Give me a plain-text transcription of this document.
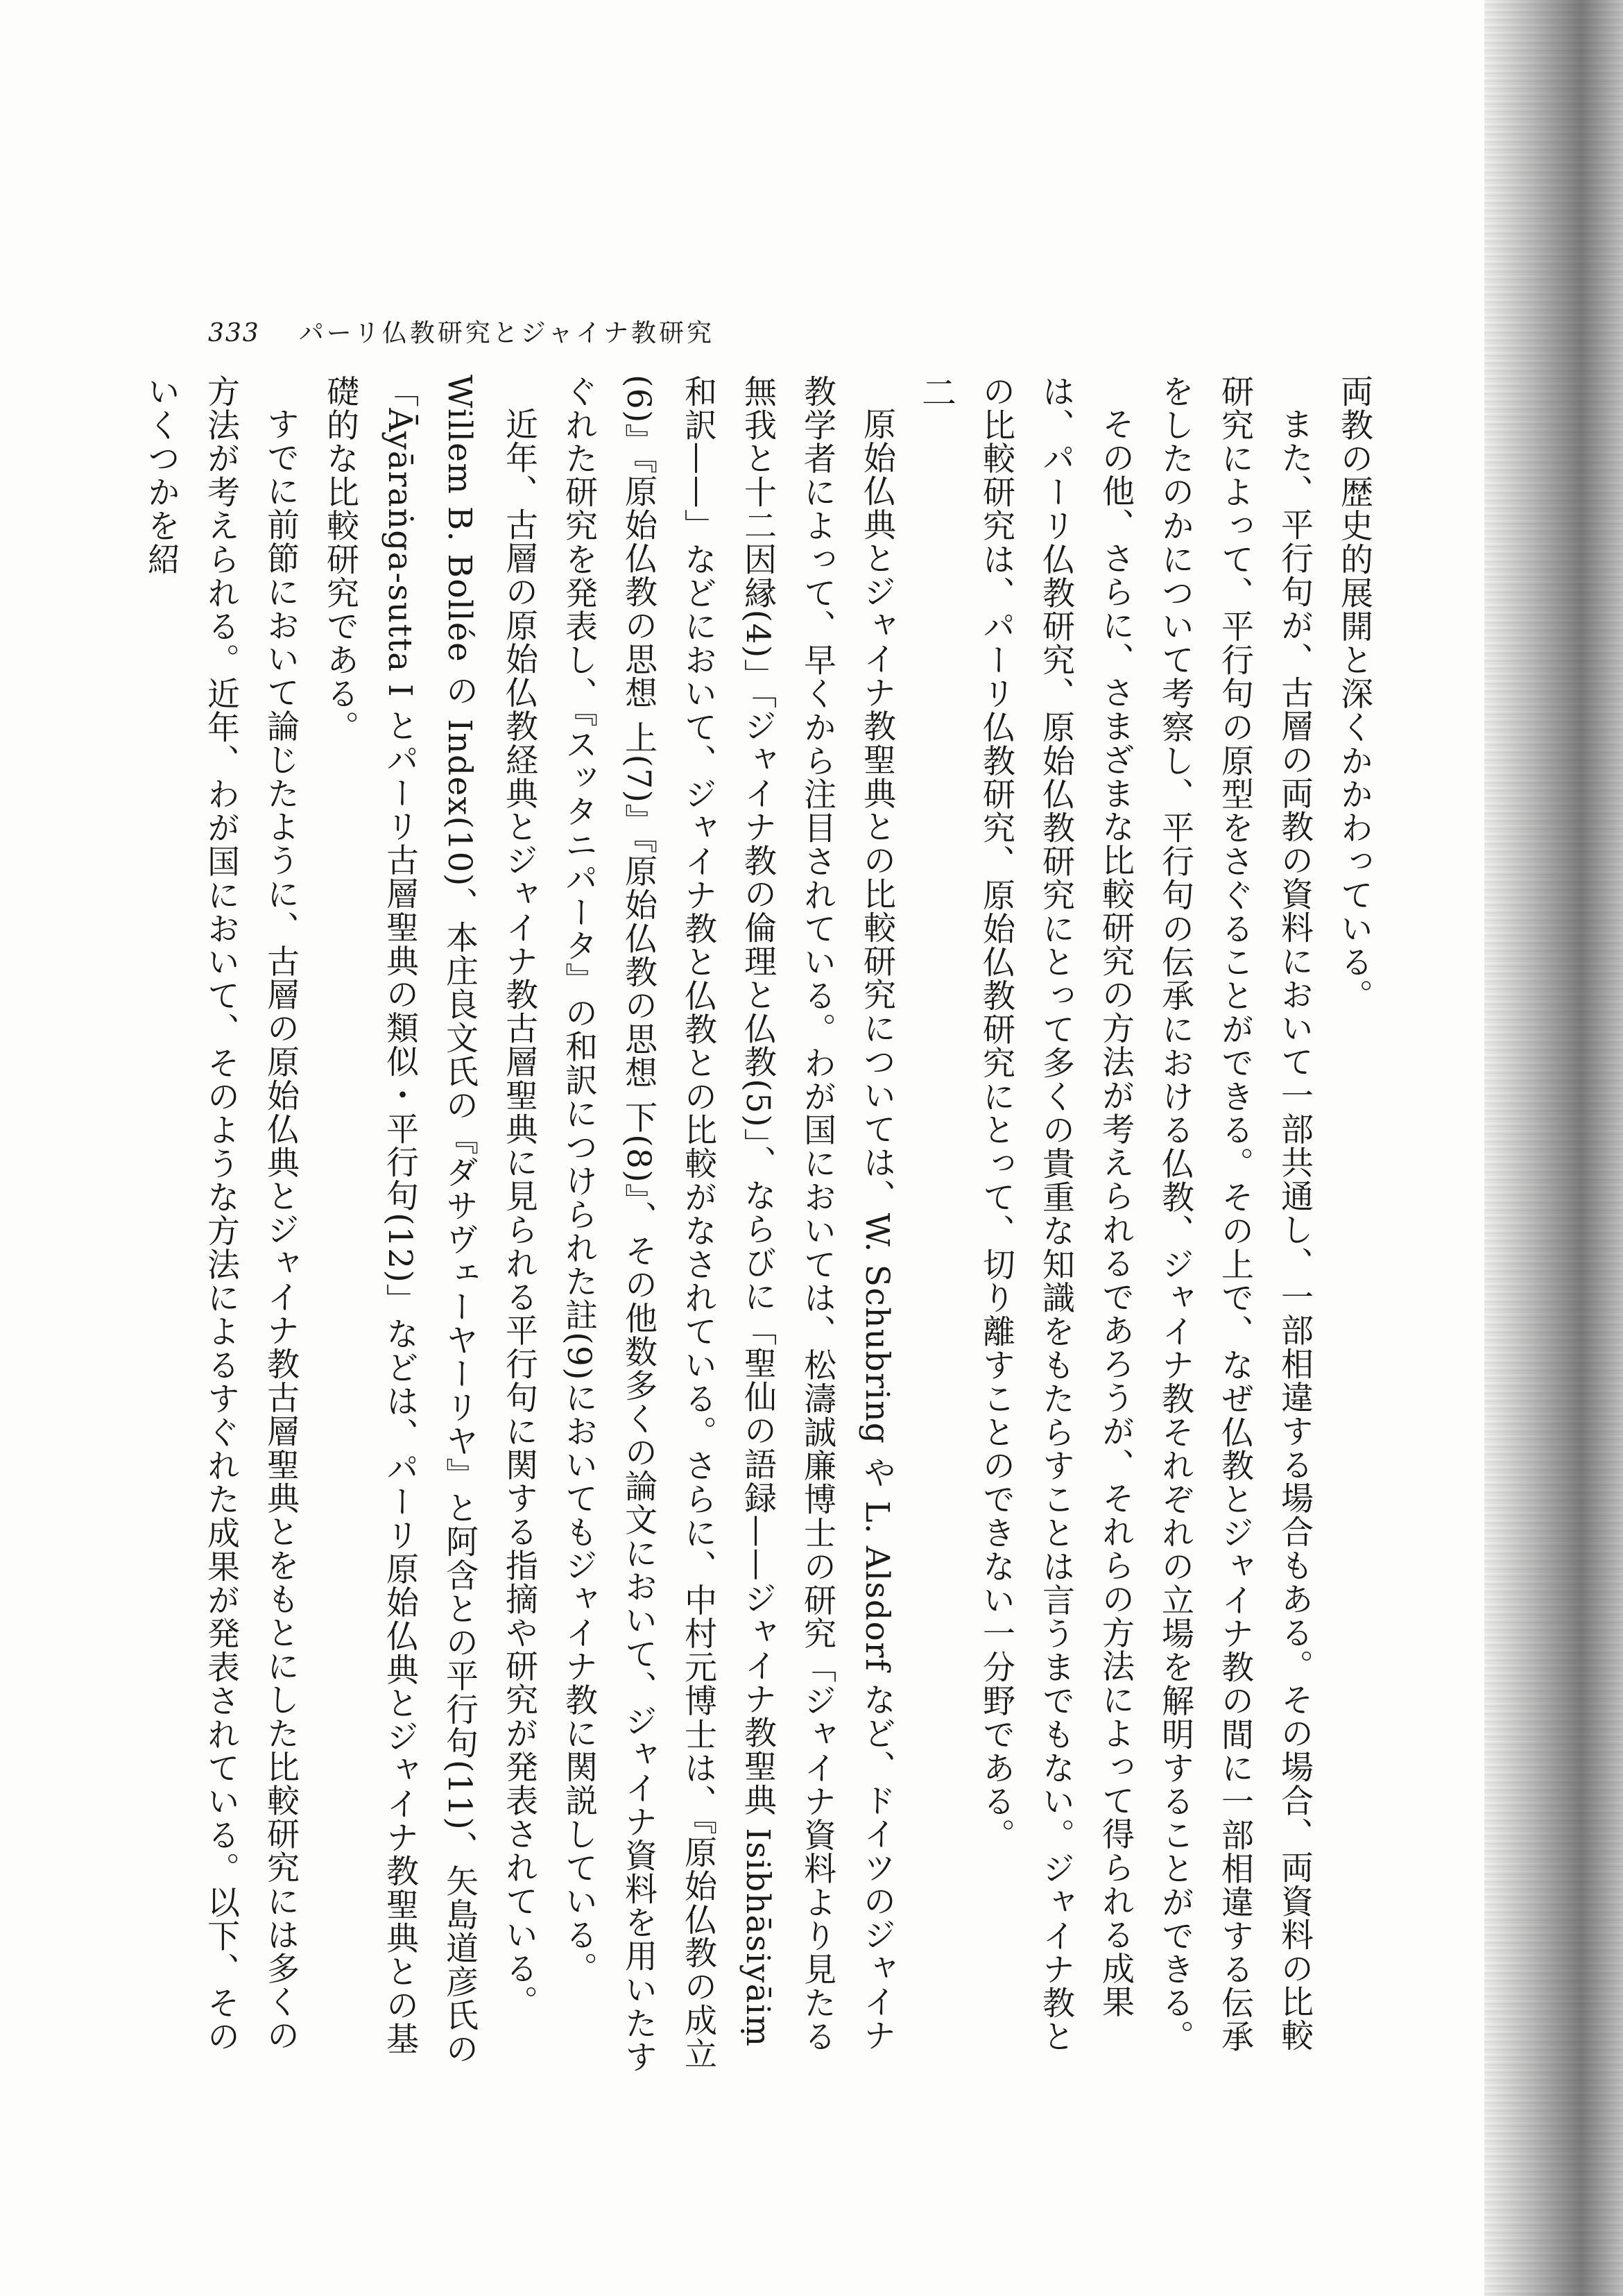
333 パーリ仏教研究とジャイナ教研究

両教の歴史的展開と深くかかわっている。

また、平行句が、古層の両教の資料において一部共通し、一部相違する場合もある。その場合、両資料の比較研究によって、平行句の原型をさぐることができる。その上で、なぜ仏教とジャイナ教の間に一部相違する伝承をしたのかについて考察し、平行句の伝承における仏教、ジャイナ教それぞれの立場を解明することができる。

その他、さらに、さまざまな比較研究の方法が考えられるであろうが、それらの方法によって得られる成果は、パーリ仏教研究、原始仏教研究にとって多くの貴重な知識をもたらすことは言うまでもない。ジャイナ教との比較研究は、パーリ仏教研究、原始仏教研究にとって、切り離すことのできない一分野である。

二

原始仏典とジャイナ教聖典との比較研究については、W. Schubring や L. Alsdorf など、ドイツのジャイナ教学者によって、早くから注目されている。わが国においては、松濤誠廉博士の研究「ジャイナ資料より見たる無我と十二因縁(4)」「ジャイナ教の倫理と仏教(5)」、ならびに「聖仙の語録——ジャイナ教聖典 Isibhāsiyāiṃ 和訳——」などにおいて、ジャイナ教と仏教との比較がなされている。さらに、中村元博士は、『原始仏教の成立(6)』『原始仏教の思想 上(7)』『原始仏教の思想 下(8)』、その他数多くの論文において、ジャイナ資料を用いたすぐれた研究を発表し、『スッタニパータ』の和訳につけられた註(9)においてもジャイナ教に関説している。

近年、古層の原始仏教経典とジャイナ教古層聖典に見られる平行句に関する指摘や研究が発表されている。Willem B. Bollée の Index(10)、本庄良文氏の『ダサヴェーヤーリヤ』と阿含との平行句(11)、矢島道彦氏の「Āyāraṅga-sutta I とパーリ古層聖典の類似・平行句(12)」などは、パーリ原始仏典とジャイナ教聖典との基礎的な比較研究である。

すでに前節において論じたように、古層の原始仏典とジャイナ教古層聖典とをもとにした比較研究には多くの方法が考えられる。近年、わが国において、そのような方法によるすぐれた成果が発表されている。以下、そのいくつかを紹
